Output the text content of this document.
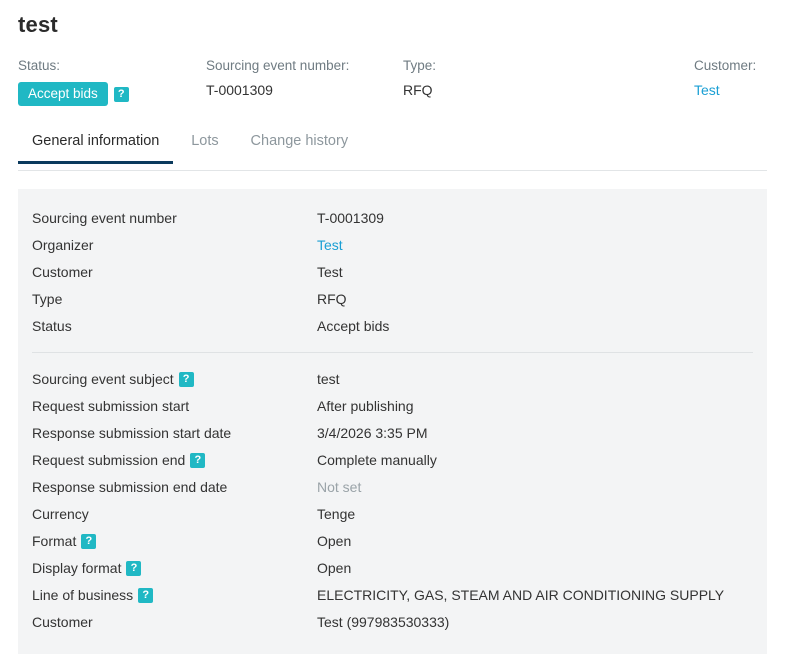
test
Status:
Accept bids ?
Sourcing event number:
T-0001309
Type:
RFQ
Customer:
Test
General information Lots Change history
Sourcing event number	T-0001309
Organizer	Test
Customer	Test
Type	RFQ
Status	Accept bids
Sourcing event subject ?	test
Request submission start	After publishing
Response submission start date	3/4/2026 3:35 PM
Request submission end ?	Complete manually
Response submission end date	Not set
Currency	Tenge
Format ?	Open
Display format ?	Open
Line of business ?	ELECTRICITY, GAS, STEAM AND AIR CONDITIONING SUPPLY
Customer	Test (997983530333)
